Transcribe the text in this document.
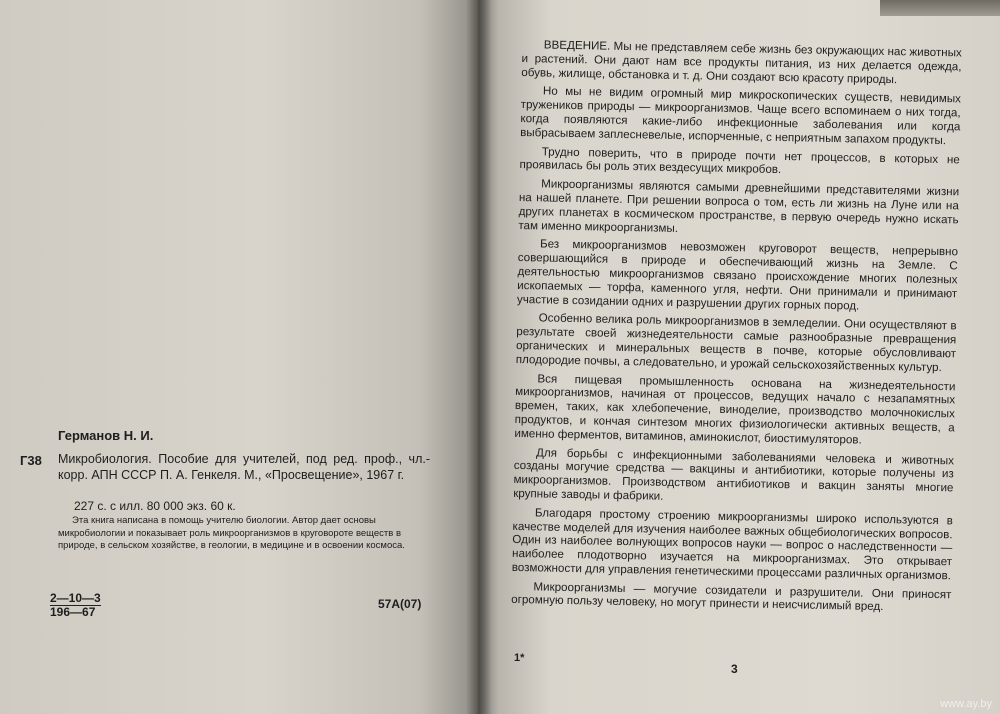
Германов Н. И.
Г38 Микробиология. Пособие для учителей, под ред. проф., чл.-корр. АПН СССР П. А. Генкеля. М., «Просвещение», 1967 г.
227 с. с илл. 80 000 экз. 60 к.
Эта книга написана в помощь учителю биологии. Автор дает основы микробиологии и показывает роль микроорганизмов в круговороте веществ в природе, в сельском хозяйстве, в геологии, в медицине и в освоении космоса.
2—10—3
196—67
57А(07)

ВВЕДЕНИЕ. Мы не представляем себе жизнь без окружающих нас животных и растений. Они дают нам все продукты питания, из них делается одежда, обувь, жилище, обстановка и т. д. Они создают всю красоту природы.

Но мы не видим огромный мир микроскопических существ, невидимых тружеников природы — микроорганизмов. Чаще всего вспоминаем о них тогда, когда появляются какие-либо инфекционные заболевания или когда выбрасываем заплесневелые, испорченные, с неприятным запахом продукты.

Трудно поверить, что в природе почти нет процессов, в которых не проявилась бы роль этих вездесущих микробов.

Микроорганизмы являются самыми древнейшими представителями жизни на нашей планете. При решении вопроса о том, есть ли жизнь на Луне или на других планетах в космическом пространстве, в первую очередь нужно искать там именно микроорганизмы.

Без микроорганизмов невозможен круговорот веществ, непрерывно совершающийся в природе и обеспечивающий жизнь на Земле. С деятельностью микроорганизмов связано происхождение многих полезных ископаемых — торфа, каменного угля, нефти. Они принимали и принимают участие в созидании одних и разрушении других горных пород.

Особенно велика роль микроорганизмов в земледелии. Они осуществляют в результате своей жизнедеятельности самые разнообразные превращения органических и минеральных веществ в почве, которые обусловливают плодородие почвы, а следовательно, и урожай сельскохозяйственных культур.

Вся пищевая промышленность основана на жизнедеятельности микроорганизмов, начиная от процессов, ведущих начало с незапамятных времен, таких, как хлебопечение, виноделие, производство молочнокислых продуктов, и кончая синтезом многих физиологически активных веществ, а именно ферментов, витаминов, аминокислот, биостимуляторов.

Для борьбы с инфекционными заболеваниями человека и животных созданы могучие средства — вакцины и антибиотики, которые получены из микроорганизмов. Производством антибиотиков и вакцин заняты многие крупные заводы и фабрики.

Благодаря простому строению микроорганизмы широко используются в качестве моделей для изучения наиболее важных общебиологических вопросов. Один из наиболее волнующих вопросов науки — вопрос о наследственности — наиболее плодотворно изучается на микроорганизмах. Это открывает возможности для управления генетическими процессами различных организмов.

Микроорганизмы — могучие созидатели и разрушители. Они приносят огромную пользу человеку, но могут принести и неисчислимый вред.

1*
3
www.ay.by
